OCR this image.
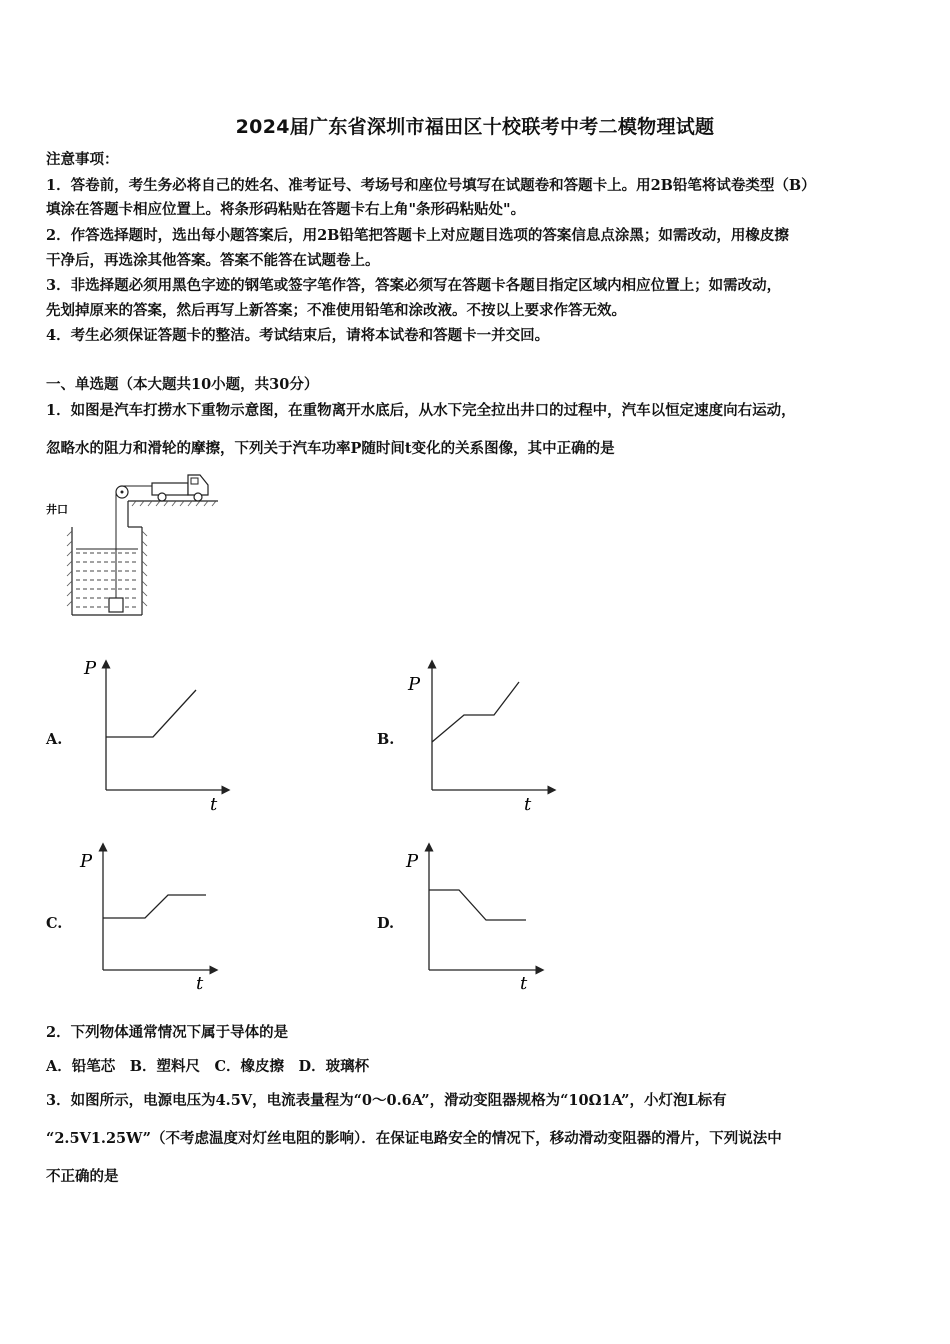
2024届广东省深圳市福田区十校联考中考二模物理试题
注意事项：
1．答卷前，考生务必将自己的姓名、准考证号、考场号和座位号填写在试题卷和答题卡上。用2B铅笔将试卷类型（B）
填涂在答题卡相应位置上。将条形码粘贴在答题卡右上角"条形码粘贴处"。
2．作答选择题时，选出每小题答案后，用2B铅笔把答题卡上对应题目选项的答案信息点涂黑；如需改动，用橡皮擦
干净后，再选涂其他答案。答案不能答在试题卷上。
3．非选择题必须用黑色字迹的钢笔或签字笔作答，答案必须写在答题卡各题目指定区域内相应位置上；如需改动，
先划掉原来的答案，然后再写上新答案；不准使用铅笔和涂改液。不按以上要求作答无效。
4．考生必须保证答题卡的整洁。考试结束后，请将本试卷和答题卡一并交回。
一、单选题（本大题共10小题，共30分）
1．如图是汽车打捞水下重物示意图，在重物离开水底后，从水下完全拉出井口的过程中，汽车以恒定速度向右运动，
忽略水的阻力和滑轮的摩擦，下列关于汽车功率P随时间t变化的关系图像，其中正确的是
井口
A.	B.
C.	D.
P
t
P
t
P
t
P
t
2．下列物体通常情况下属于导体的是
A．铅笔芯　B．塑料尺　C．橡皮擦　D．玻璃杯
3．如图所示，电源电压为4.5V，电流表量程为“0～0.6A”，滑动变阻器规格为“10Ω1A”，小灯泡L标有
“2.5V1.25W”（不考虑温度对灯丝电阻的影响）．在保证电路安全的情况下，移动滑动变阻器的滑片，下列说法中
不正确的是
